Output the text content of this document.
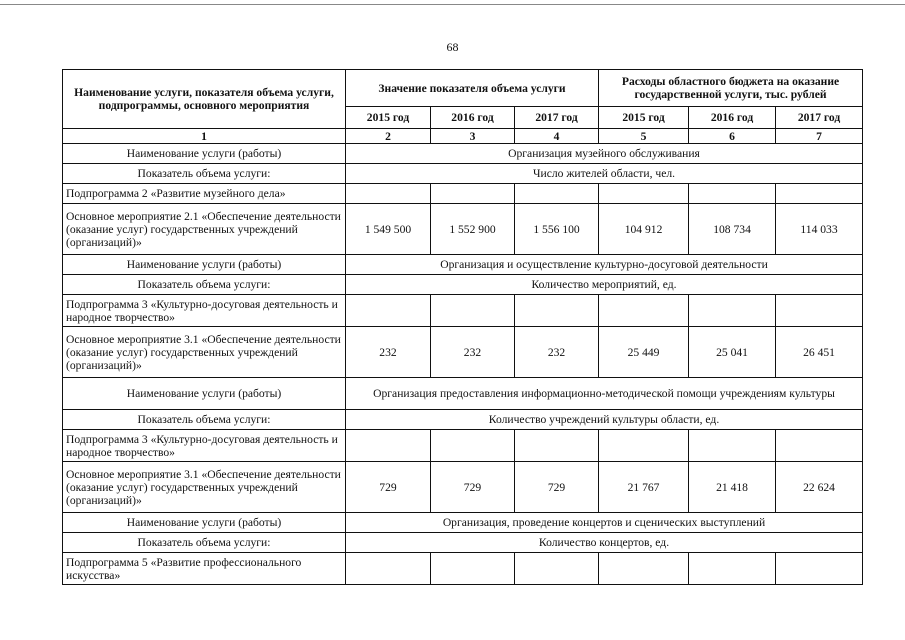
68
Наименование услуги, показателя объема услуги, подпрограммы, основного мероприятия	Значение показателя объема услуги			Расходы областного бюджета на оказание государственной услуги, тыс. рублей		
	2015 год	2016 год	2017 год	2015 год	2016 год	2017 год
1	2	3	4	5	6	7
Наименование услуги (работы)	Организация музейного обслуживания					
Показатель объема услуги:	Число жителей области, чел.					
Подпрограмма 2 «Развитие музейного дела»						
Основное мероприятие 2.1 «Обеспечение деятельности (оказание услуг) государственных учреждений (организаций)»	1 549 500	1 552 900	1 556 100	104 912	108 734	114 033
Наименование услуги (работы)	Организация и осуществление культурно-досуговой деятельности					
Показатель объема услуги:	Количество мероприятий, ед.					
Подпрограмма 3 «Культурно-досуговая деятельность и народное творчество»						
Основное мероприятие 3.1 «Обеспечение деятельности (оказание услуг) государственных учреждений (организаций)»	232	232	232	25 449	25 041	26 451
Наименование услуги (работы)	Организация предоставления информационно-методической помощи учреждениям культуры					
Показатель объема услуги:	Количество учреждений культуры области, ед.					
Подпрограмма 3 «Культурно-досуговая деятельность и народное творчество»						
Основное мероприятие 3.1 «Обеспечение деятельности (оказание услуг) государственных учреждений (организаций)»	729	729	729	21 767	21 418	22 624
Наименование услуги (работы)	Организация, проведение концертов и сценических выступлений					
Показатель объема услуги:	Количество концертов, ед.					
Подпрограмма 5 «Развитие профессионального искусства»						
